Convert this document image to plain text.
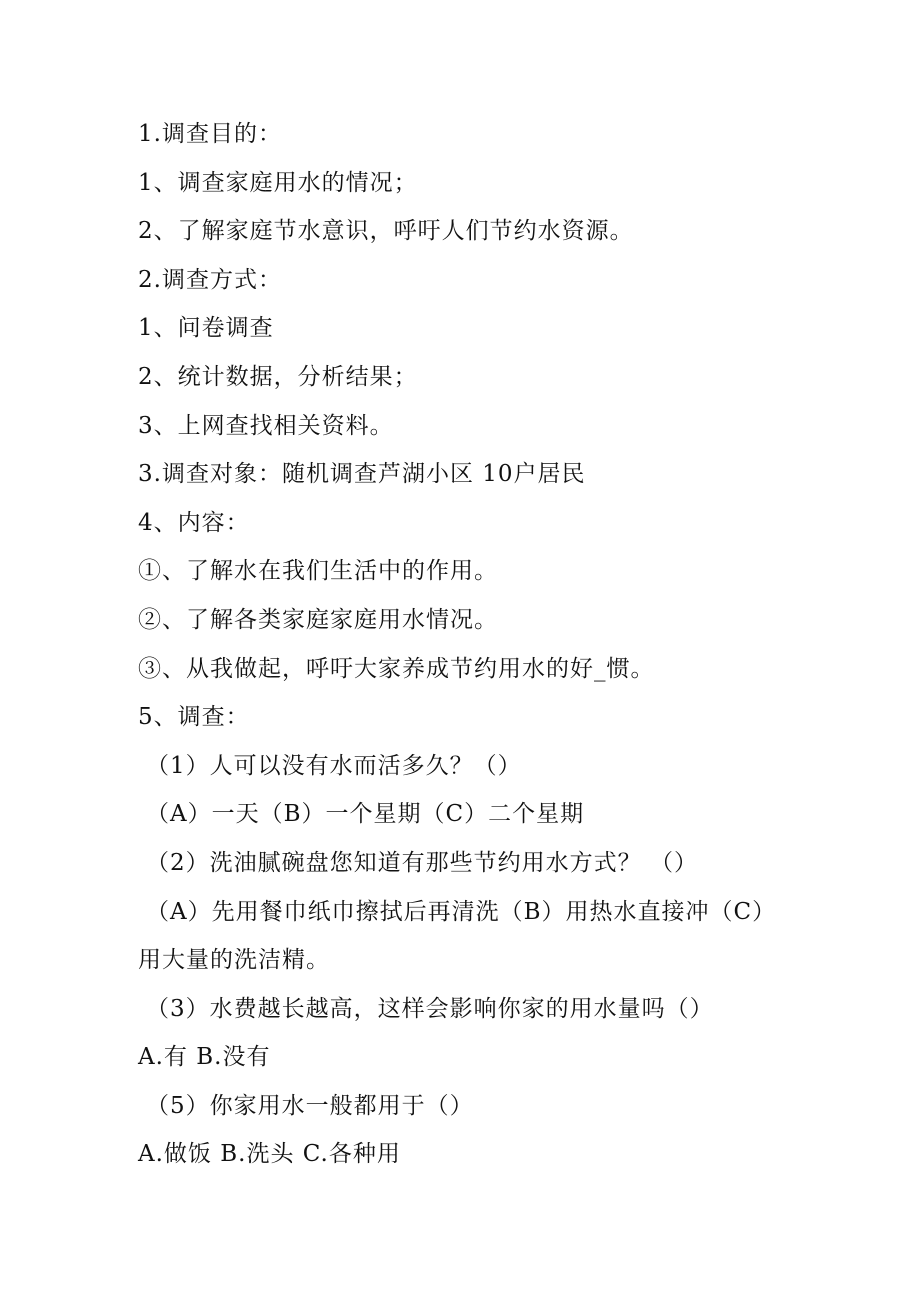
1.调查目的：
1、调查家庭用水的情况；
2、了解家庭节水意识，呼吁人们节约水资源。
2.调查方式：
1、问卷调查
2、统计数据，分析结果；
3、上网查找相关资料。
3.调查对象：随机调查芦湖小区 10户居民
4、内容：
①、了解水在我们生活中的作用。
②、了解各类家庭家庭用水情况。
③、从我做起，呼吁大家养成节约用水的好_惯。
5、调查：
（1）人可以没有水而活多久？（）
（A）一天（B）一个星期（C）二个星期
（2）洗油腻碗盘您知道有那些节约用水方式？ （）
（A）先用餐巾纸巾擦拭后再清洗（B）用热水直接冲（C）
用大量的洗洁精。
（3）水费越长越高，这样会影响你家的用水量吗（）
A.有 B.没有
（5）你家用水一般都用于（）
A.做饭 B.洗头 C.各种用
